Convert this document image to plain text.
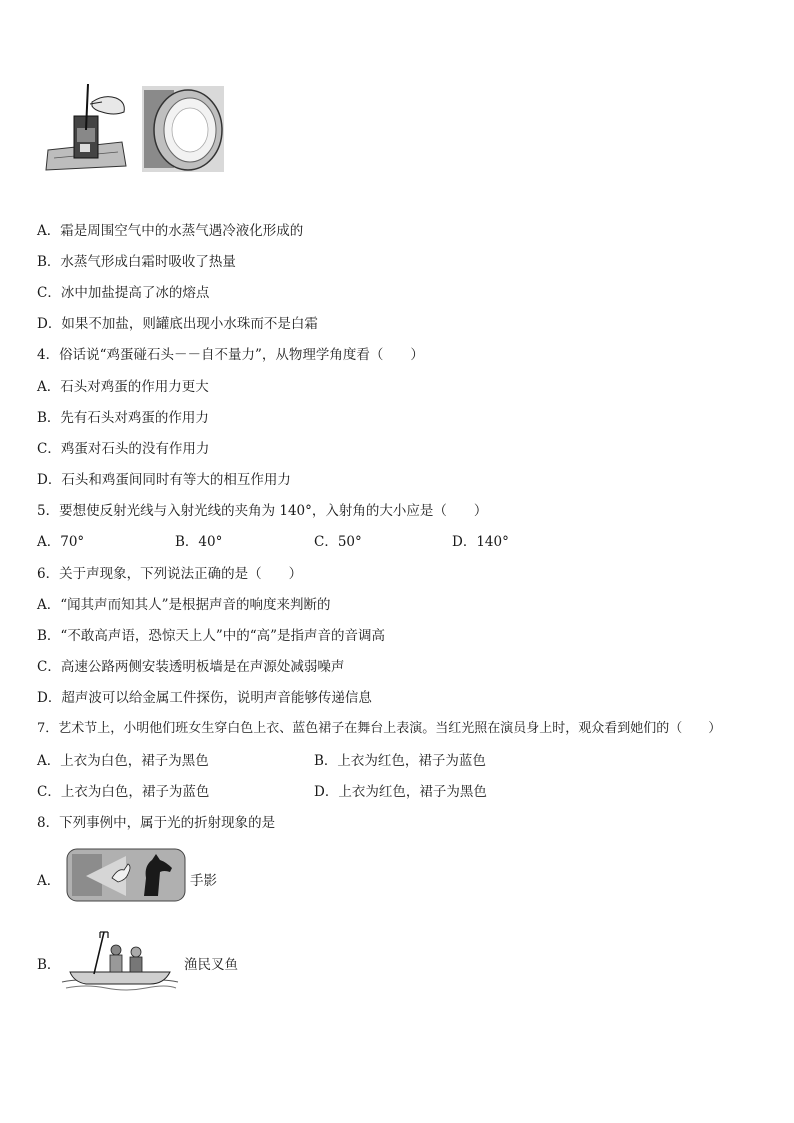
A．霜是周围空气中的水蒸气遇冷液化形成的
B．水蒸气形成白霜时吸收了热量
C．冰中加盐提高了冰的熔点
D．如果不加盐，则罐底出现小水珠而不是白霜
4．俗话说“鸡蛋碰石头－－自不量力”，从物理学角度看（　　）
A．石头对鸡蛋的作用力更大
B．先有石头对鸡蛋的作用力
C．鸡蛋对石头的没有作用力
D．石头和鸡蛋间同时有等大的相互作用力
5．要想使反射光线与入射光线的夹角为 140°，入射角的大小应是（　　）
A．70°	B．40°	C．50°	D．140°
6．关于声现象，下列说法正确的是（　　）
A．“闻其声而知其人”是根据声音的响度来判断的
B．“不敢高声语，恐惊天上人”中的“高”是指声音的音调高
C．高速公路两侧安装透明板墙是在声源处减弱噪声
D．超声波可以给金属工件探伤，说明声音能够传递信息
7．艺术节上，小明他们班女生穿白色上衣、蓝色裙子在舞台上表演。当红光照在演员身上时，观众看到她们的（　　）
A．上衣为白色，裙子为黑色	B．上衣为红色，裙子为蓝色
C．上衣为白色，裙子为蓝色	D．上衣为红色，裙子为黑色
8．下列事例中，属于光的折射现象的是
A．	手影
B．	渔民叉鱼
